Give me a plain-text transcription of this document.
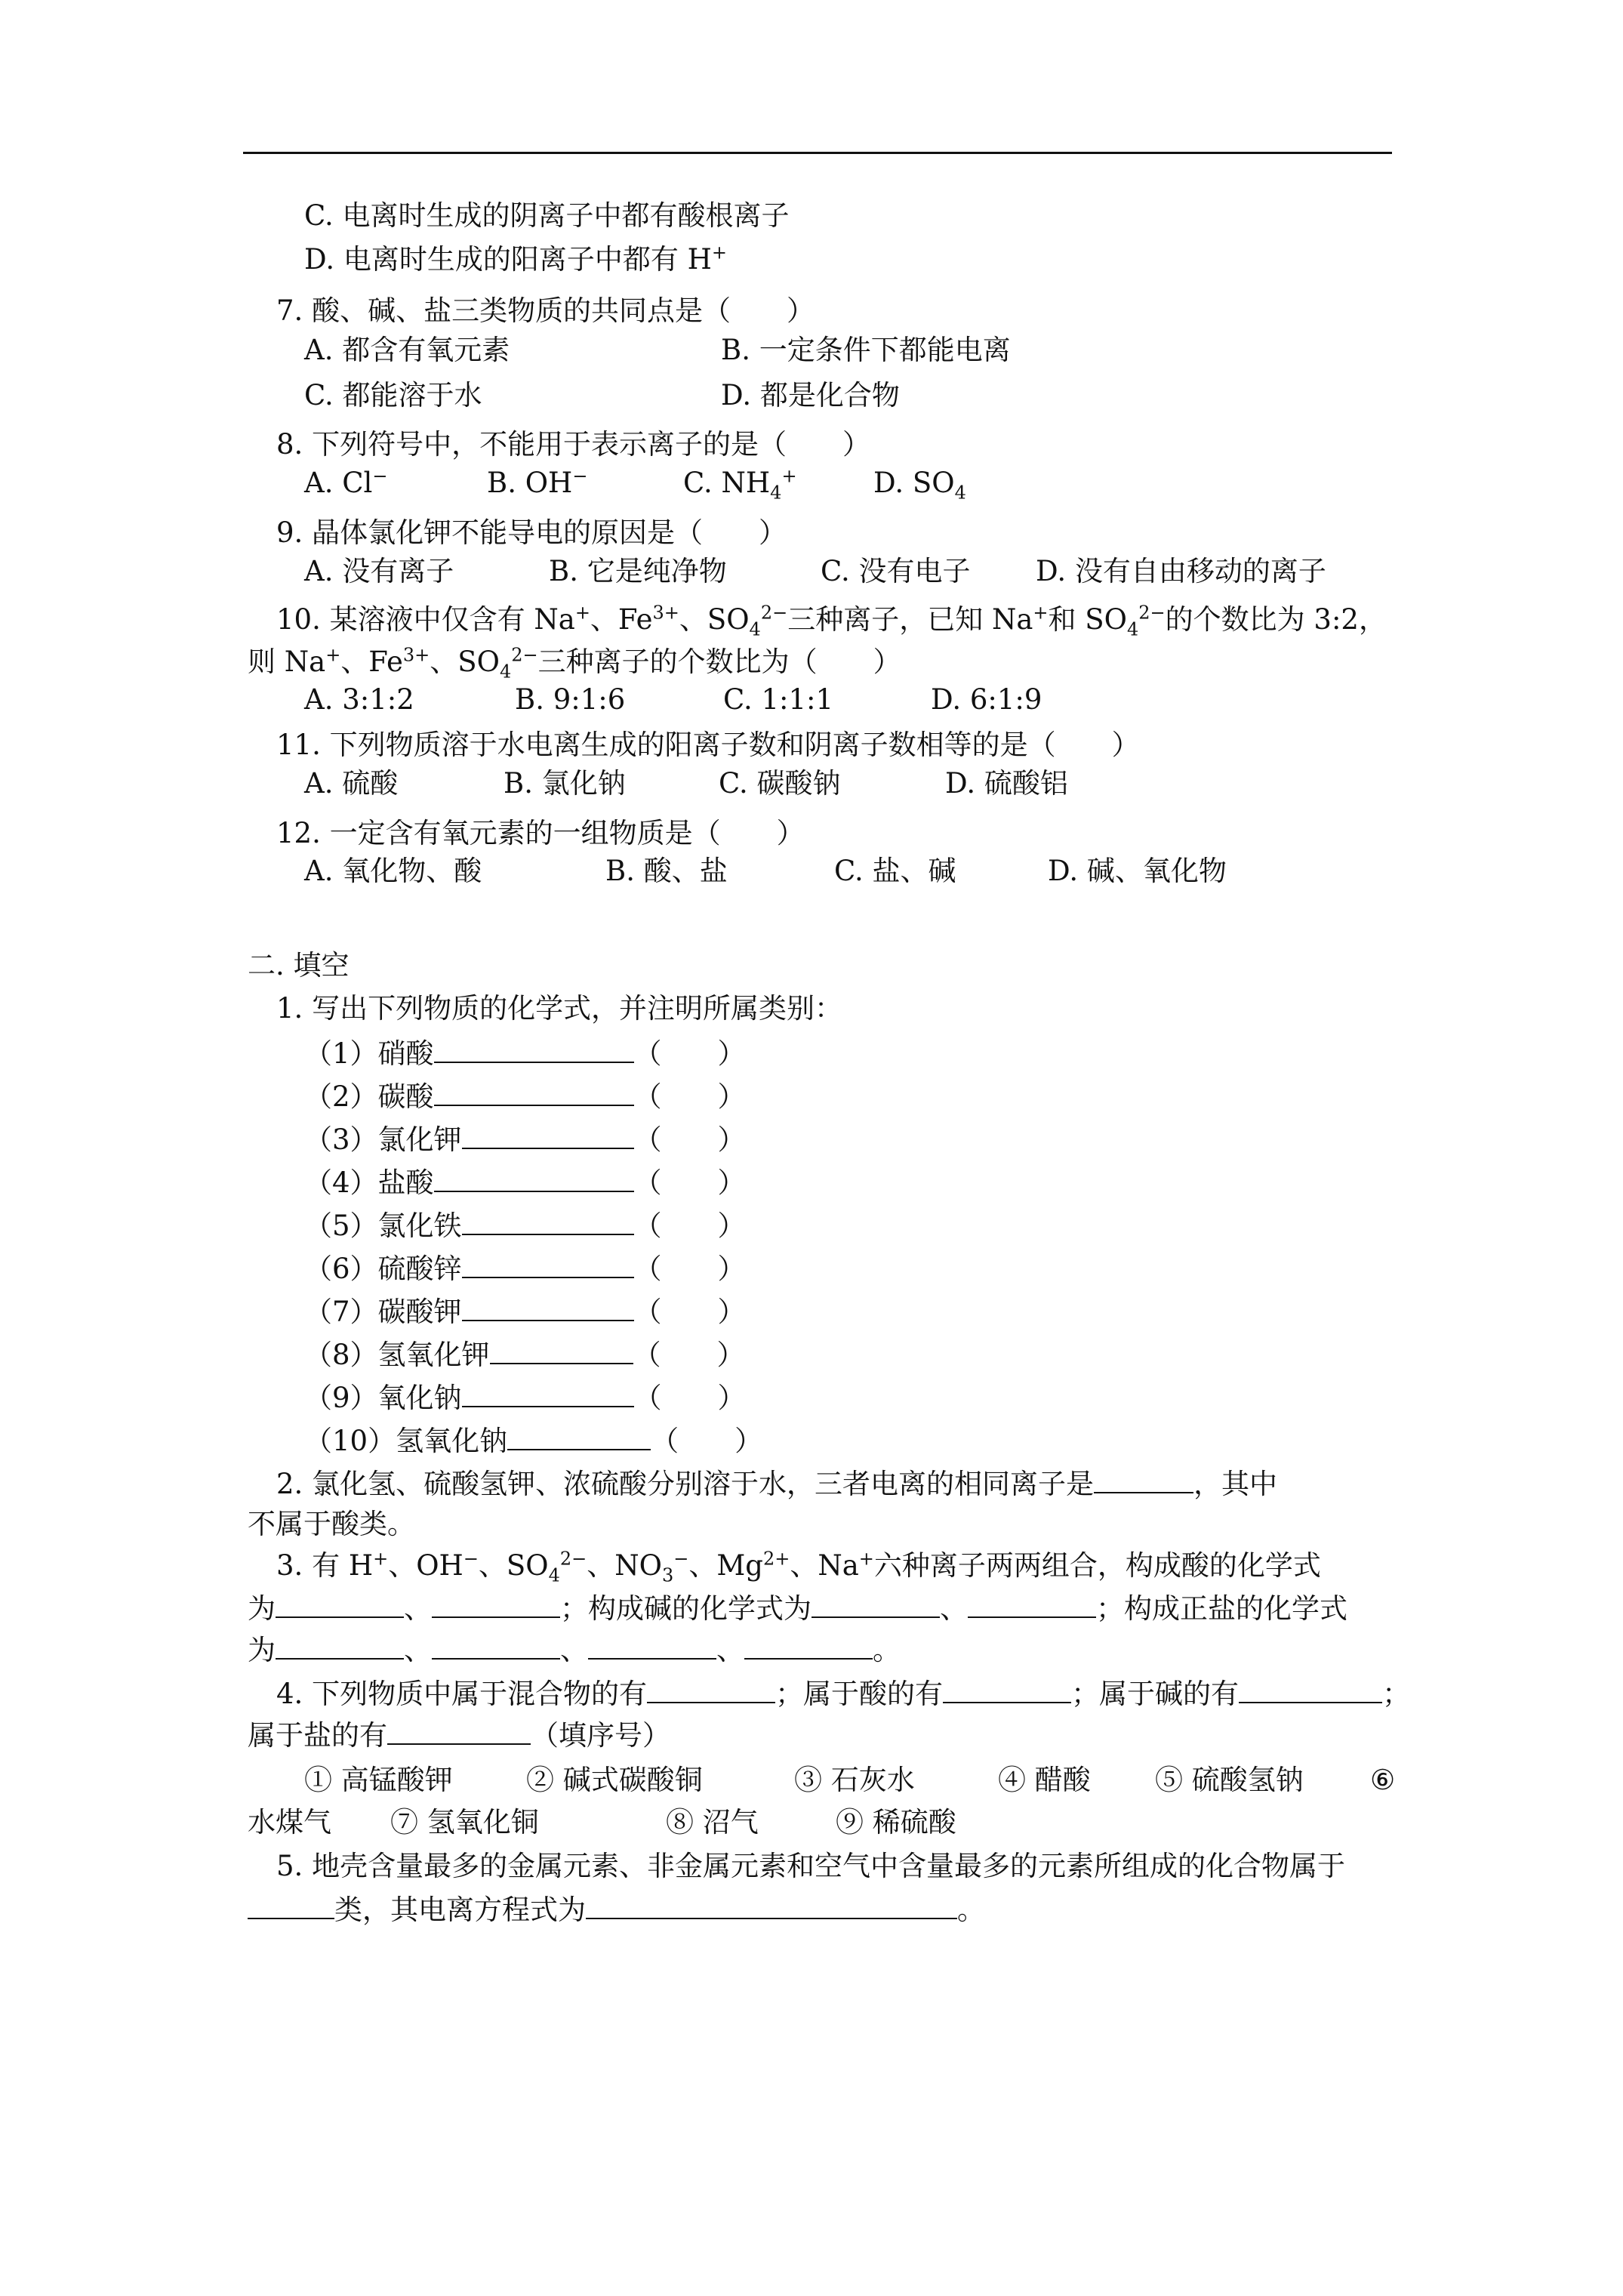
C. 电离时生成的阴离子中都有酸根离子
D. 电离时生成的阳离子中都有 H+
7. 酸、碱、盐三类物质的共同点是（　　）
A. 都含有氧元素	B. 一定条件下都能电离
C. 都能溶于水	D. 都是化合物
8. 下列符号中，不能用于表示离子的是（　　）
A. Cl−	B. OH−	C. $NH_4^+$	D. $SO_4$
9. 晶体氯化钾不能导电的原因是（　　）
A. 没有离子	B. 它是纯净物	C. 没有电子 D. 没有自由移动的离子
10. 某溶液中仅含有 Na+、$Fe^{3+}$、$SO_4^{2-}$三种离子，已知 Na+和 $SO_4^{2-}$的个数比为 3:2，
则 Na+、$Fe^{3+}$、$SO_4^{2-}$三种离子的个数比为（　　）
A. 3:1:2	B. 9:1:6	C. 1:1:1	D. 6:1:9
11. 下列物质溶于水电离生成的阳离子数和阴离子数相等的是（　　）
A. 硫酸	B. 氯化钠	C. 碳酸钠	D. 硫酸铝
12. 一定含有氧元素的一组物质是（　　）
A. 氧化物、酸	B. 酸、盐	C. 盐、碱	D. 碱、氧化物
二. 填空
1. 写出下列物质的化学式，并注明所属类别：
（1）硝酸	（　　）
（2）碳酸	（　　）
（3）氯化钾	（　　）
（4）盐酸	（　　）
（5）氯化铁	（　　）
（6）硫酸锌	（　　）
（7）碳酸钾	（　　）
（8）氢氧化钾	（　　）
（9）氧化钠	（　　）
（10）氢氧化钠	（　　）
2. 氯化氢、硫酸氢钾、浓硫酸分别溶于水，三者电离的相同离子是	，其中
不属于酸类。
3. 有 H+、OH−、$SO_4^{2-}$、$NO_3^-$、$Mg^{2+}$、Na+六种离子两两组合，构成酸的化学式
为	、	；构成碱的化学式为	、	；构成正盐的化学式
为	、	、	、	。
4. 下列物质中属于混合物的有	；属于酸的有	；属于碱的有	；
属于盐的有	（填序号）
① 高锰酸钾	② 碱式碳酸铜	③ 石灰水	④ 醋酸 ⑤ 硫酸氢钠 ⑥
水煤气 ⑦ 氢氧化铜	⑧ 沼气	⑨ 稀硫酸
5. 地壳含量最多的金属元素、非金属元素和空气中含量最多的元素所组成的化合物属于
类，其电离方程式为	。
